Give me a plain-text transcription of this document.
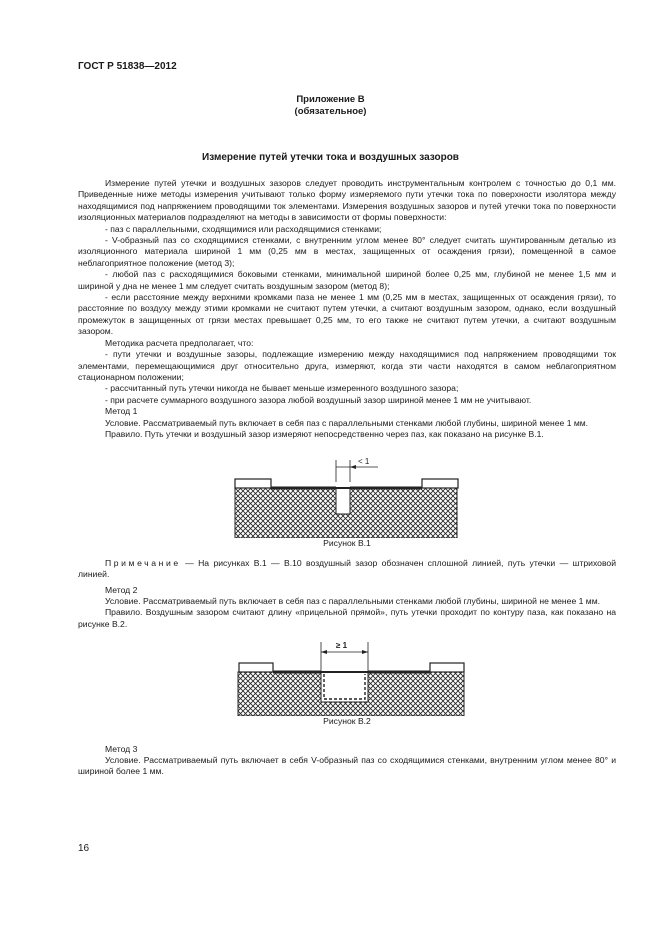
ГОСТ Р 51838—2012
Приложение В
(обязательное)
Измерение путей утечки тока и воздушных зазоров

Измерение путей утечки и воздушных зазоров следует проводить инструментальным контролем с точностью до 0,1 мм. Приведенные ниже методы измерения учитывают только форму измеряемого пути утечки тока по поверхности изолятора между находящимися под напряжением проводящими ток элементами. Измерения воздушных зазоров и путей утечки тока по поверхности изоляционных материалов подразделяют на методы в зависимости от формы поверхности:

- паз с параллельными, сходящимися или расходящимися стенками;

- V-образный паз со сходящимися стенками, с внутренним углом менее 80° следует считать шунтированным деталью из изоляционного материала шириной 1 мм (0,25 мм в местах, защищенных от осаждения грязи), помещенной в самое неблагоприятное положение (метод 3);

- любой паз с расходящимися боковыми стенками, минимальной шириной более 0,25 мм, глубиной не менее 1,5 мм и шириной у дна не менее 1 мм следует считать воздушным зазором (метод 8);

- если расстояние между верхними кромками паза не менее 1 мм (0,25 мм в местах, защищенных от осаждения грязи), то расстояние по воздуху между этими кромками не считают путем утечки, а считают воздушным зазором, однако, если воздушный промежуток в защищенных от грязи местах превышает 0,25 мм, то его также не считают путем утечки, а считают воздушным зазором.

Методика расчета предполагает, что:

- пути утечки и воздушные зазоры, подлежащие измерению между находящимися под напряжением проводящими ток элементами, перемещающимися друг относительно друга, измеряют, когда эти части находятся в самом неблагоприятном стационарном положении;

- рассчитанный путь утечки никогда не бывает меньше измеренного воздушного зазора;

- при расчете суммарного воздушного зазора любой воздушный зазор шириной менее 1 мм не учитывают.

Метод 1

Условие. Рассматриваемый путь включает в себя паз с параллельными стенками любой глубины, шириной менее 1 мм.

Правило. Путь утечки и воздушный зазор измеряют непосредственно через паз, как показано на рисунке В.1.

< 1

Рисунок В.1

Примечание — На рисунках В.1 — В.10 воздушный зазор обозначен сплошной линией, путь утечки — штриховой линией.

Метод 2

Условие. Рассматриваемый путь включает в себя паз с параллельными стенками любой глубины, шириной не менее 1 мм.

Правило. Воздушным зазором считают длину «прицельной прямой», путь утечки проходит по контуру паза, как показано на рисунке В.2.

≥ 1

Рисунок В.2

Метод 3

Условие. Рассматриваемый путь включает в себя V-образный паз со сходящимися стенками, внутренним углом менее 80° и шириной более 1 мм.

16
